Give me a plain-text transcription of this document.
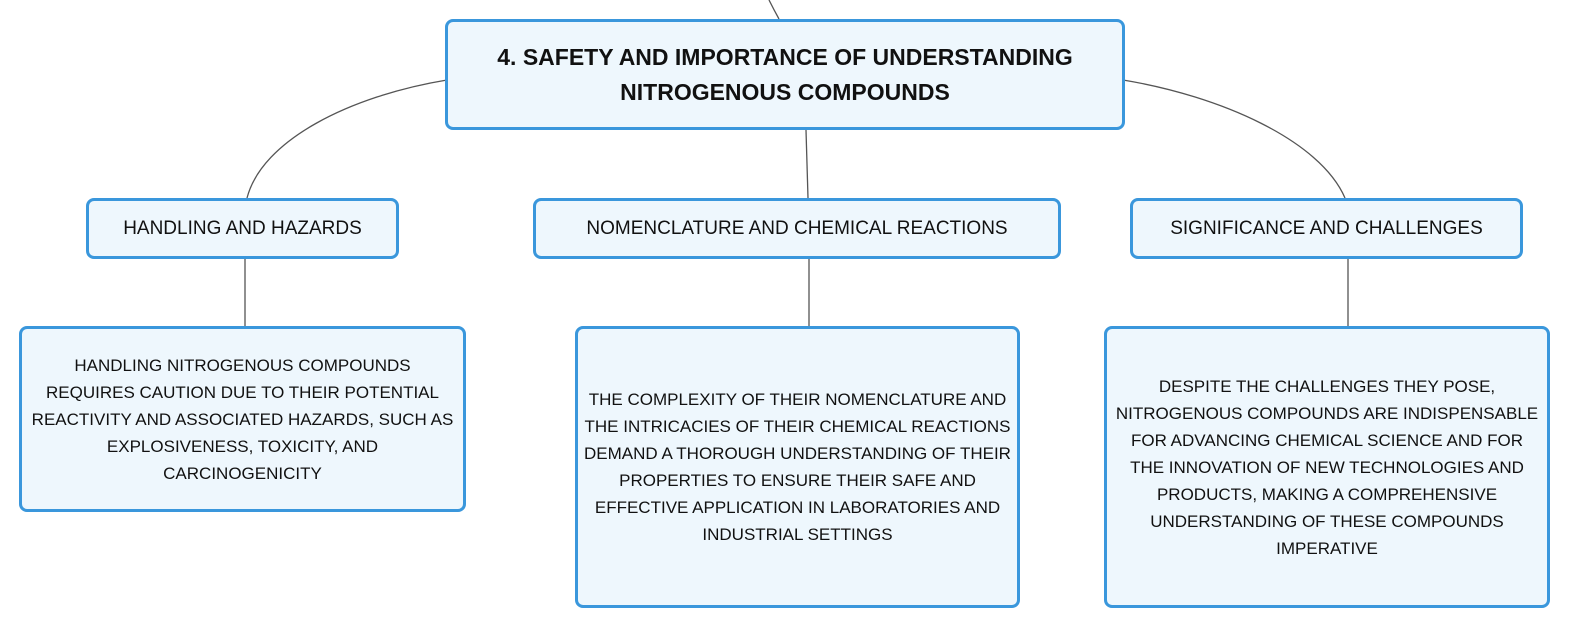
4. SAFETY AND IMPORTANCE OF UNDERSTANDING NITROGENOUS COMPOUNDS
HANDLING AND HAZARDS	NOMENCLATURE AND CHEMICAL REACTIONS	SIGNIFICANCE AND CHALLENGES
HANDLING NITROGENOUS COMPOUNDS REQUIRES CAUTION DUE TO THEIR POTENTIAL REACTIVITY AND ASSOCIATED HAZARDS, SUCH AS EXPLOSIVENESS, TOXICITY, AND CARCINOGENICITY
THE COMPLEXITY OF THEIR NOMENCLATURE AND THE INTRICACIES OF THEIR CHEMICAL REACTIONS DEMAND A THOROUGH UNDERSTANDING OF THEIR PROPERTIES TO ENSURE THEIR SAFE AND EFFECTIVE APPLICATION IN LABORATORIES AND INDUSTRIAL SETTINGS
DESPITE THE CHALLENGES THEY POSE, NITROGENOUS COMPOUNDS ARE INDISPENSABLE FOR ADVANCING CHEMICAL SCIENCE AND FOR THE INNOVATION OF NEW TECHNOLOGIES AND PRODUCTS, MAKING A COMPREHENSIVE UNDERSTANDING OF THESE COMPOUNDS IMPERATIVE
